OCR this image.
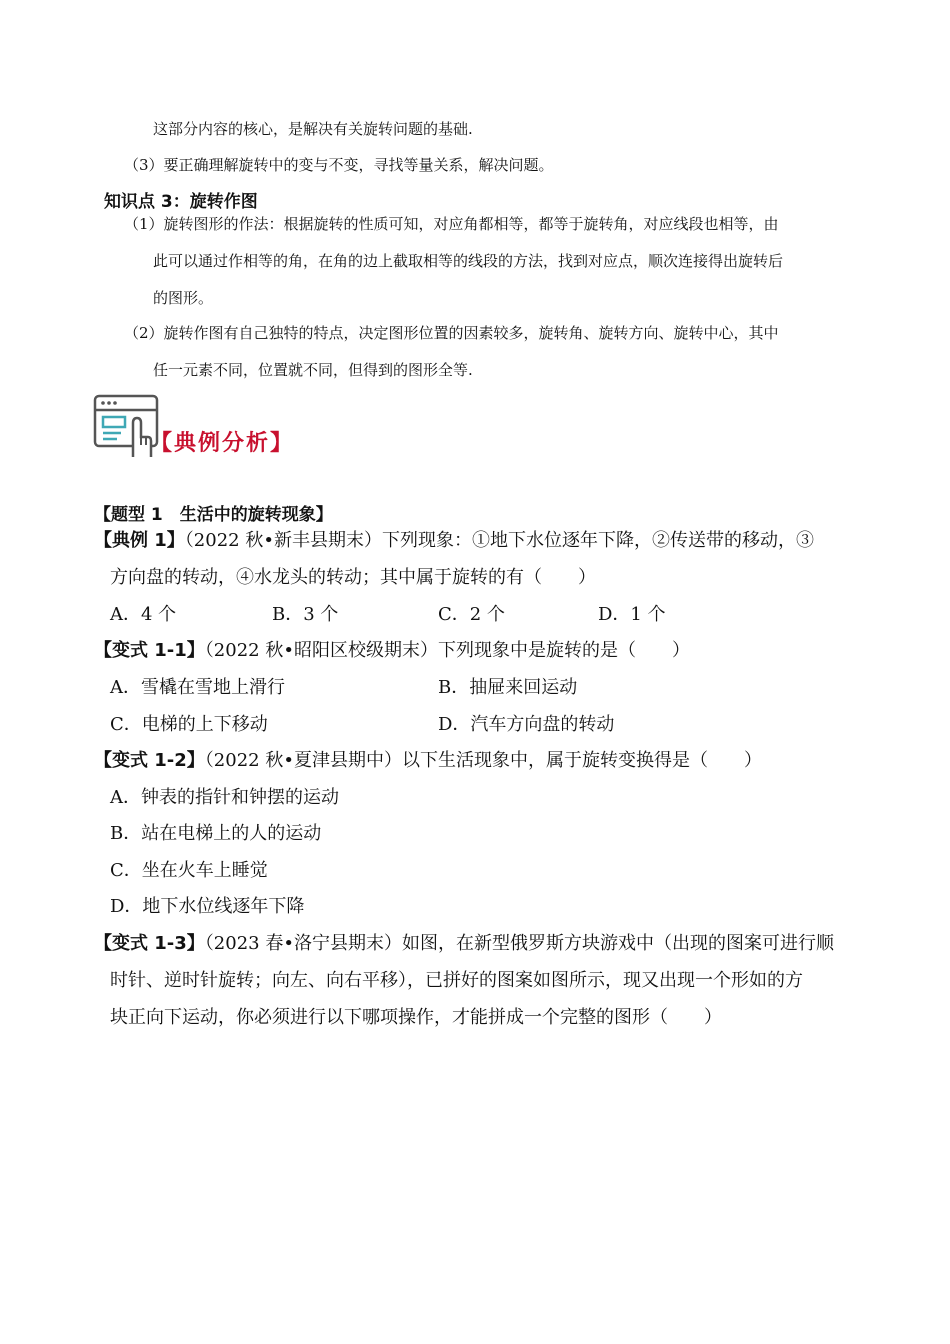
这部分内容的核心，是解决有关旋转问题的基础.
（3）要正确理解旋转中的变与不变，寻找等量关系，解决问题。
知识点 3：旋转作图
（1）旋转图形的作法：根据旋转的性质可知，对应角都相等，都等于旋转角，对应线段也相等，由
此可以通过作相等的角，在角的边上截取相等的线段的方法，找到对应点，顺次连接得出旋转后
的图形。
（2）旋转作图有自己独特的特点，决定图形位置的因素较多，旋转角、旋转方向、旋转中心，其中
任一元素不同，位置就不同，但得到的图形全等.
【典例分析】
【题型 1　生活中的旋转现象】
【典例 1】（2022 秋•新丰县期末）下列现象：①地下水位逐年下降，②传送带的移动，③
方向盘的转动，④水龙头的转动；其中属于旋转的有（　　）
A．4 个	B．3 个	C．2 个	D．1 个
【变式 1-1】（2022 秋•昭阳区校级期末）下列现象中是旋转的是（　　）
A．雪橇在雪地上滑行	B．抽屉来回运动
C．电梯的上下移动	D．汽车方向盘的转动
【变式 1-2】（2022 秋•夏津县期中）以下生活现象中，属于旋转变换得是（　　）
A．钟表的指针和钟摆的运动
B．站在电梯上的人的运动
C．坐在火车上睡觉
D．地下水位线逐年下降
【变式 1-3】（2023 春•洛宁县期末）如图，在新型俄罗斯方块游戏中（出现的图案可进行顺
时针、逆时针旋转；向左、向右平移），已拼好的图案如图所示，现又出现一个形如的方
块正向下运动，你必须进行以下哪项操作，才能拼成一个完整的图形（　　）
